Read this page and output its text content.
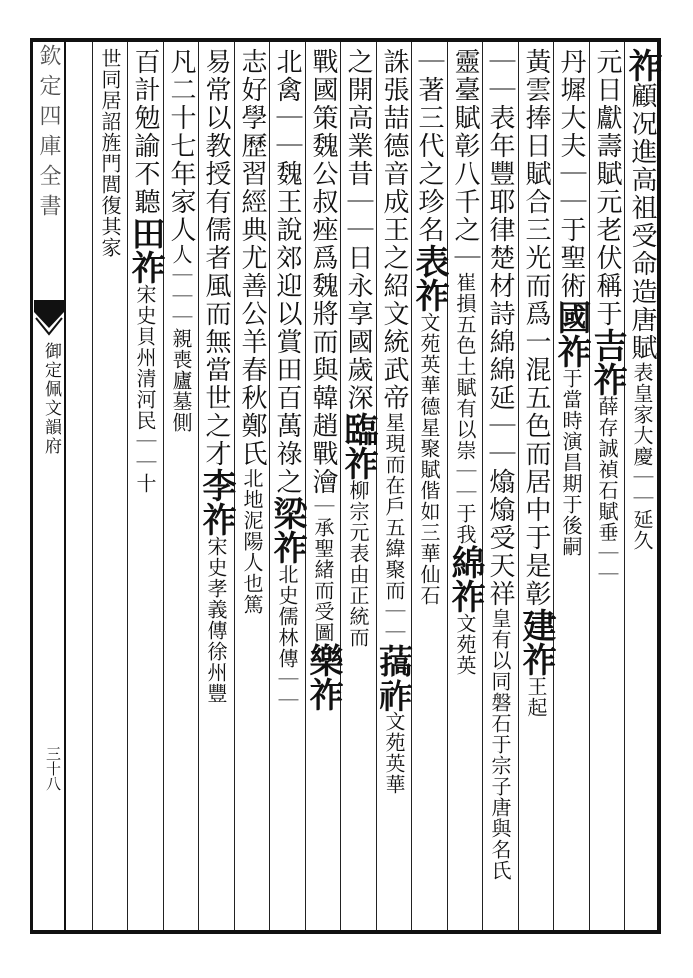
欽定四庫全書
御定佩文韻府
三十八
祚顧况進高祖受命造唐賦表皇家大慶｜｜延久
元日獻壽賦元老伏稱于吉祚薛存誠禎石賦垂｜｜
丹墀大夫｜｜于聖術國祚于當時演昌期于後嗣
黃雲捧日賦合三光而爲一混五色而居中于是彰建祚王起
｜｜表年豐耶律楚材詩綿綿延｜｜熻熻受天祥皇有以同磐石于宗子唐與名氏
靈臺賦彰八千之｜崔損五色土賦有以崇｜｜于我綿祚文苑英
｜著三代之珍名表祚文苑英華德星聚賦偕如三華仙石
誅張喆德音成王之紹文統武帝星現而在戶五緯聚而｜｜𦼸祚文苑英華
之開高業昔｜｜日永享國歲深臨祚柳宗元表由正統而
戰國策魏公叔痤爲魏將而與韓趙戰澮｜承聖緒而受圖樂祚
北禽｜｜魏王說郊迎以賞田百萬祿之梁祚北史儒林傳｜｜
志好學歷習經典尤善公羊春秋鄭氏北地泥陽人也篤
易常以教授有儒者風而無當世之才李祚宋史孝義傳徐州豐
凡二十七年家人人｜｜｜親喪廬墓側
百計勉諭不聽田祚宋史貝州清河民｜｜十
世同居詔旌門閭復其家
